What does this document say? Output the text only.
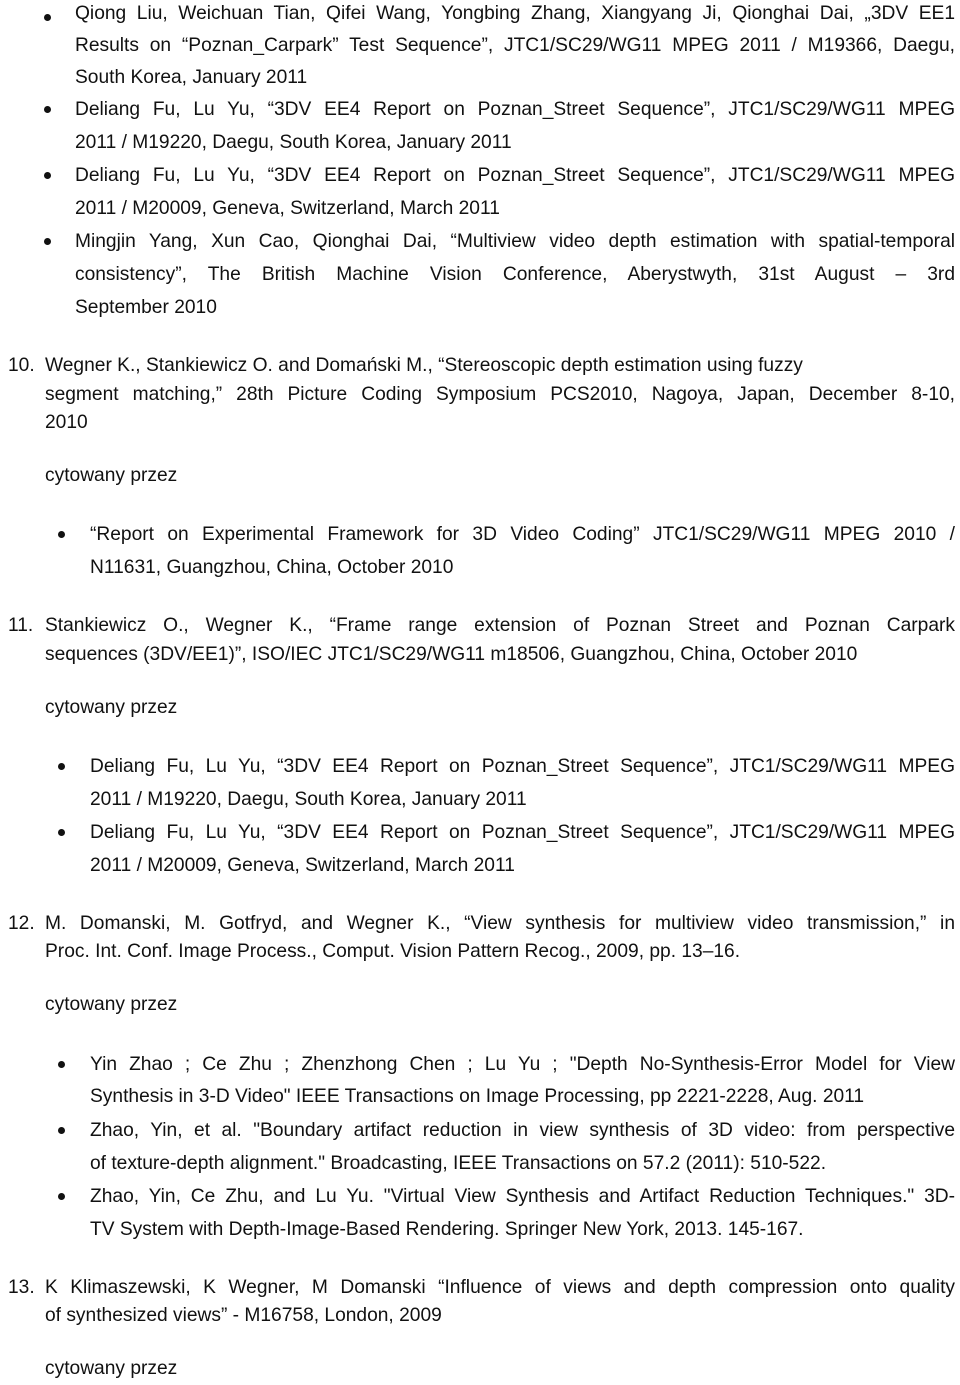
Qiong Liu, Weichuan Tian, Qifei Wang, Yongbing Zhang, Xiangyang Ji, Qionghai Dai, „3DV EE1
Results on “Poznan_Carpark” Test Sequence”, JTC1/SC29/WG11 MPEG 2011 / M19366, Daegu,
South Korea, January 2011
Deliang Fu, Lu Yu, “3DV EE4 Report on Poznan_Street Sequence”, JTC1/SC29/WG11 MPEG
2011 / M19220, Daegu, South Korea, January 2011
Deliang Fu, Lu Yu, “3DV EE4 Report on Poznan_Street Sequence”, JTC1/SC29/WG11 MPEG
2011 / M20009, Geneva, Switzerland, March 2011
Mingjin Yang, Xun Cao, Qionghai Dai, “Multiview video depth estimation with spatial-temporal
consistency”, The British Machine Vision Conference, Aberystwyth, 31st August – 3rd
September 2010
10. Wegner K., Stankiewicz O. and Domański M., “Stereoscopic depth estimation using fuzzy
segment matching,” 28th Picture Coding Symposium PCS2010, Nagoya, Japan, December 8-10,
2010
cytowany przez
“Report on Experimental Framework for 3D Video Coding” JTC1/SC29/WG11 MPEG 2010 /
N11631, Guangzhou, China, October 2010
11. Stankiewicz O., Wegner K., “Frame range extension of Poznan Street and Poznan Carpark
sequences (3DV/EE1)”, ISO/IEC JTC1/SC29/WG11 m18506, Guangzhou, China, October 2010
cytowany przez
Deliang Fu, Lu Yu, “3DV EE4 Report on Poznan_Street Sequence”, JTC1/SC29/WG11 MPEG
2011 / M19220, Daegu, South Korea, January 2011
Deliang Fu, Lu Yu, “3DV EE4 Report on Poznan_Street Sequence”, JTC1/SC29/WG11 MPEG
2011 / M20009, Geneva, Switzerland, March 2011
12. M. Domanski, M. Gotfryd, and Wegner K., “View synthesis for multiview video transmission,” in
Proc. Int. Conf. Image Process., Comput. Vision Pattern Recog., 2009, pp. 13–16.
cytowany przez
Yin Zhao ; Ce Zhu ; Zhenzhong Chen ; Lu Yu ; "Depth No-Synthesis-Error Model for View
Synthesis in 3-D Video" IEEE Transactions on Image Processing, pp 2221-2228, Aug. 2011
Zhao, Yin, et al. "Boundary artifact reduction in view synthesis of 3D video: from perspective
of texture-depth alignment." Broadcasting, IEEE Transactions on 57.2 (2011): 510-522.
Zhao, Yin, Ce Zhu, and Lu Yu. "Virtual View Synthesis and Artifact Reduction Techniques." 3D-
TV System with Depth-Image-Based Rendering. Springer New York, 2013. 145-167.
13. K Klimaszewski, K Wegner, M Domanski “Influence of views and depth compression onto quality
of synthesized views” - M16758, London, 2009
cytowany przez
